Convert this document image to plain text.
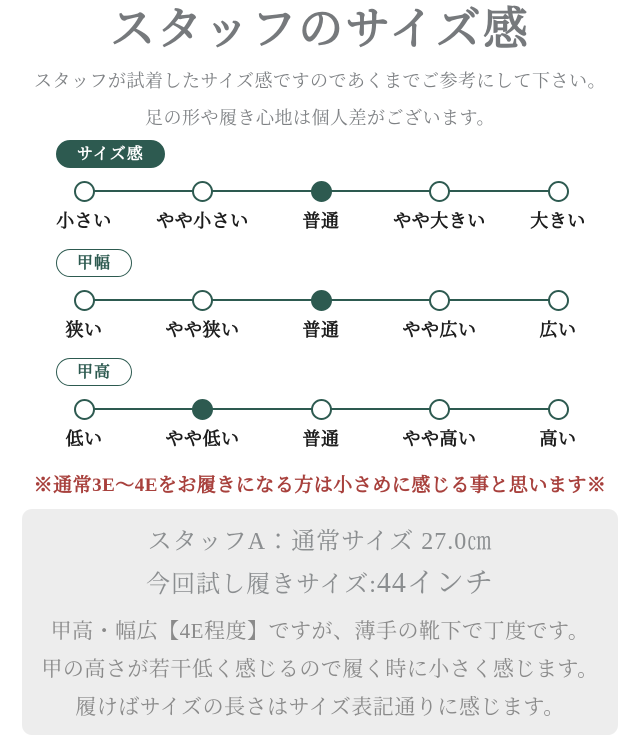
スタッフのサイズ感

スタッフが試着したサイズ感ですのであくまでご参考にして下さい。

足の形や履き心地は個人差がございます。

サイズ感
小さい やや小さい	普通	やや大きい 大きい
甲幅
狭い	やや狭い	普通	やや広い	広い
甲高
低い	やや低い	普通	やや高い	高い

※通常3E〜4Eをお履きになる方は小さめに感じる事と思います※

スタッフA：通常サイズ 27.0㎝

今回試し履きサイズ:44インチ

甲高・幅広【4E程度】ですが、薄手の靴下で丁度です。

甲の高さが若干低く感じるので履く時に小さく感じます。

履けばサイズの長さはサイズ表記通りに感じます。
